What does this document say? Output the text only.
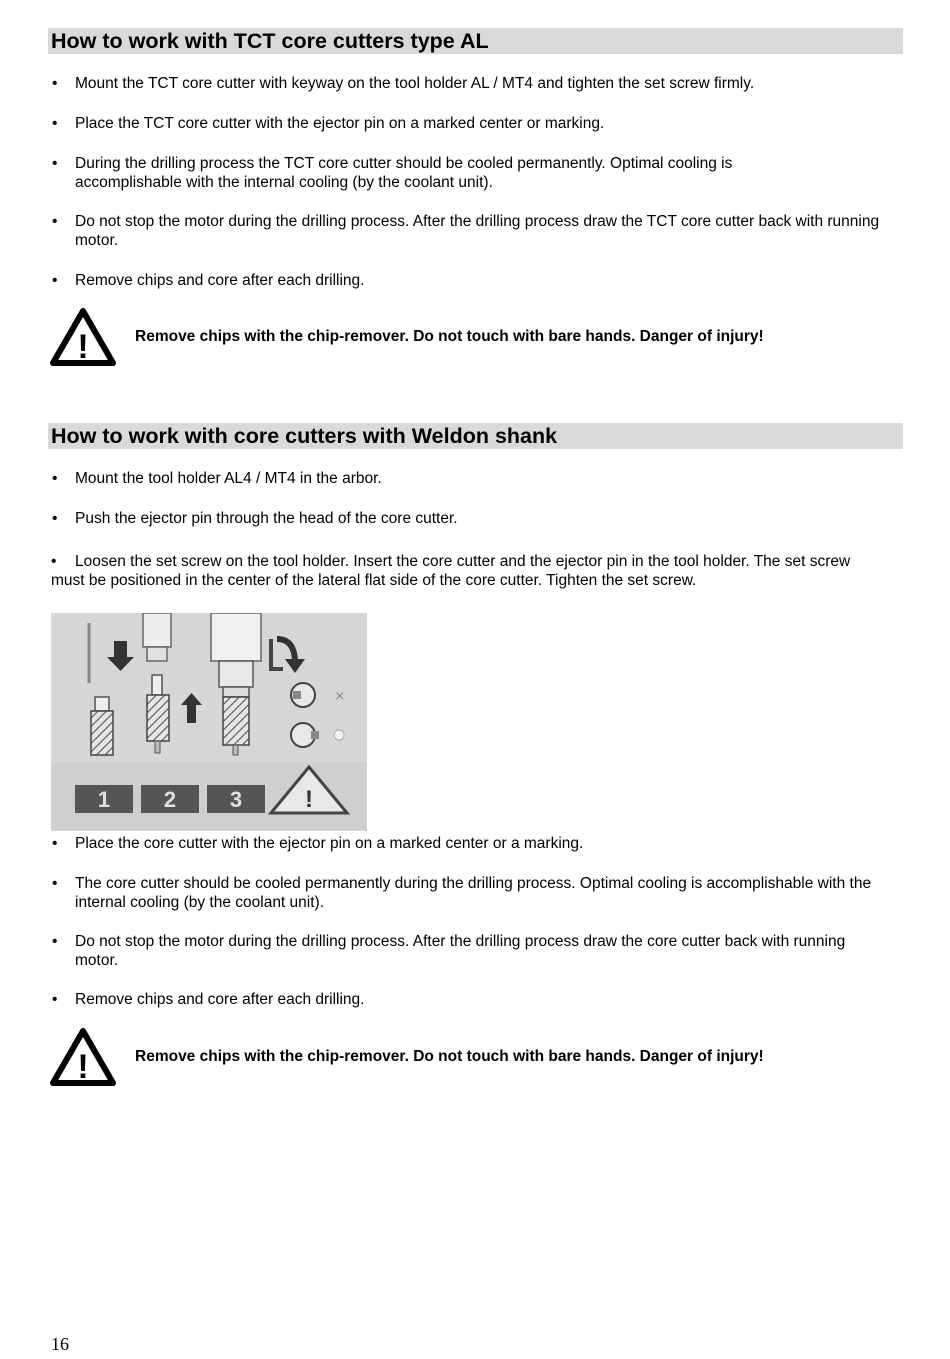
How to work with TCT core cutters type AL
• Mount the TCT core cutter with keyway on the tool holder AL / MT4 and tighten the set screw firmly.
• Place the TCT core cutter with the ejector pin on a marked center or marking.
• During the drilling process the TCT core cutter should be cooled permanently. Optimal cooling is accomplishable with the internal cooling (by the coolant unit).
• Do not stop the motor during the drilling process. After the drilling process draw the TCT core cutter back with running motor.
• Remove chips and core after each drilling.
!	Remove chips with the chip-remover. Do not touch with bare hands. Danger of injury!
How to work with core cutters with Weldon shank
• Mount the tool holder AL4 / MT4 in the arbor.
• Push the ejector pin through the head of the core cutter.
• Loosen the set screw on the tool holder. Insert the core cutter and the ejector pin in the tool holder. The set screw must be positioned in the center of the lateral flat side of the core cutter. Tighten the set screw.
×
1 2 3	!
• Place the core cutter with the ejector pin on a marked center or a marking.
• The core cutter should be cooled permanently during the drilling process. Optimal cooling is accomplishable with the internal cooling (by the coolant unit).
• Do not stop the motor during the drilling process. After the drilling process draw the core cutter back with running motor.
• Remove chips and core after each drilling.
!	Remove chips with the chip-remover. Do not touch with bare hands. Danger of injury!
16
